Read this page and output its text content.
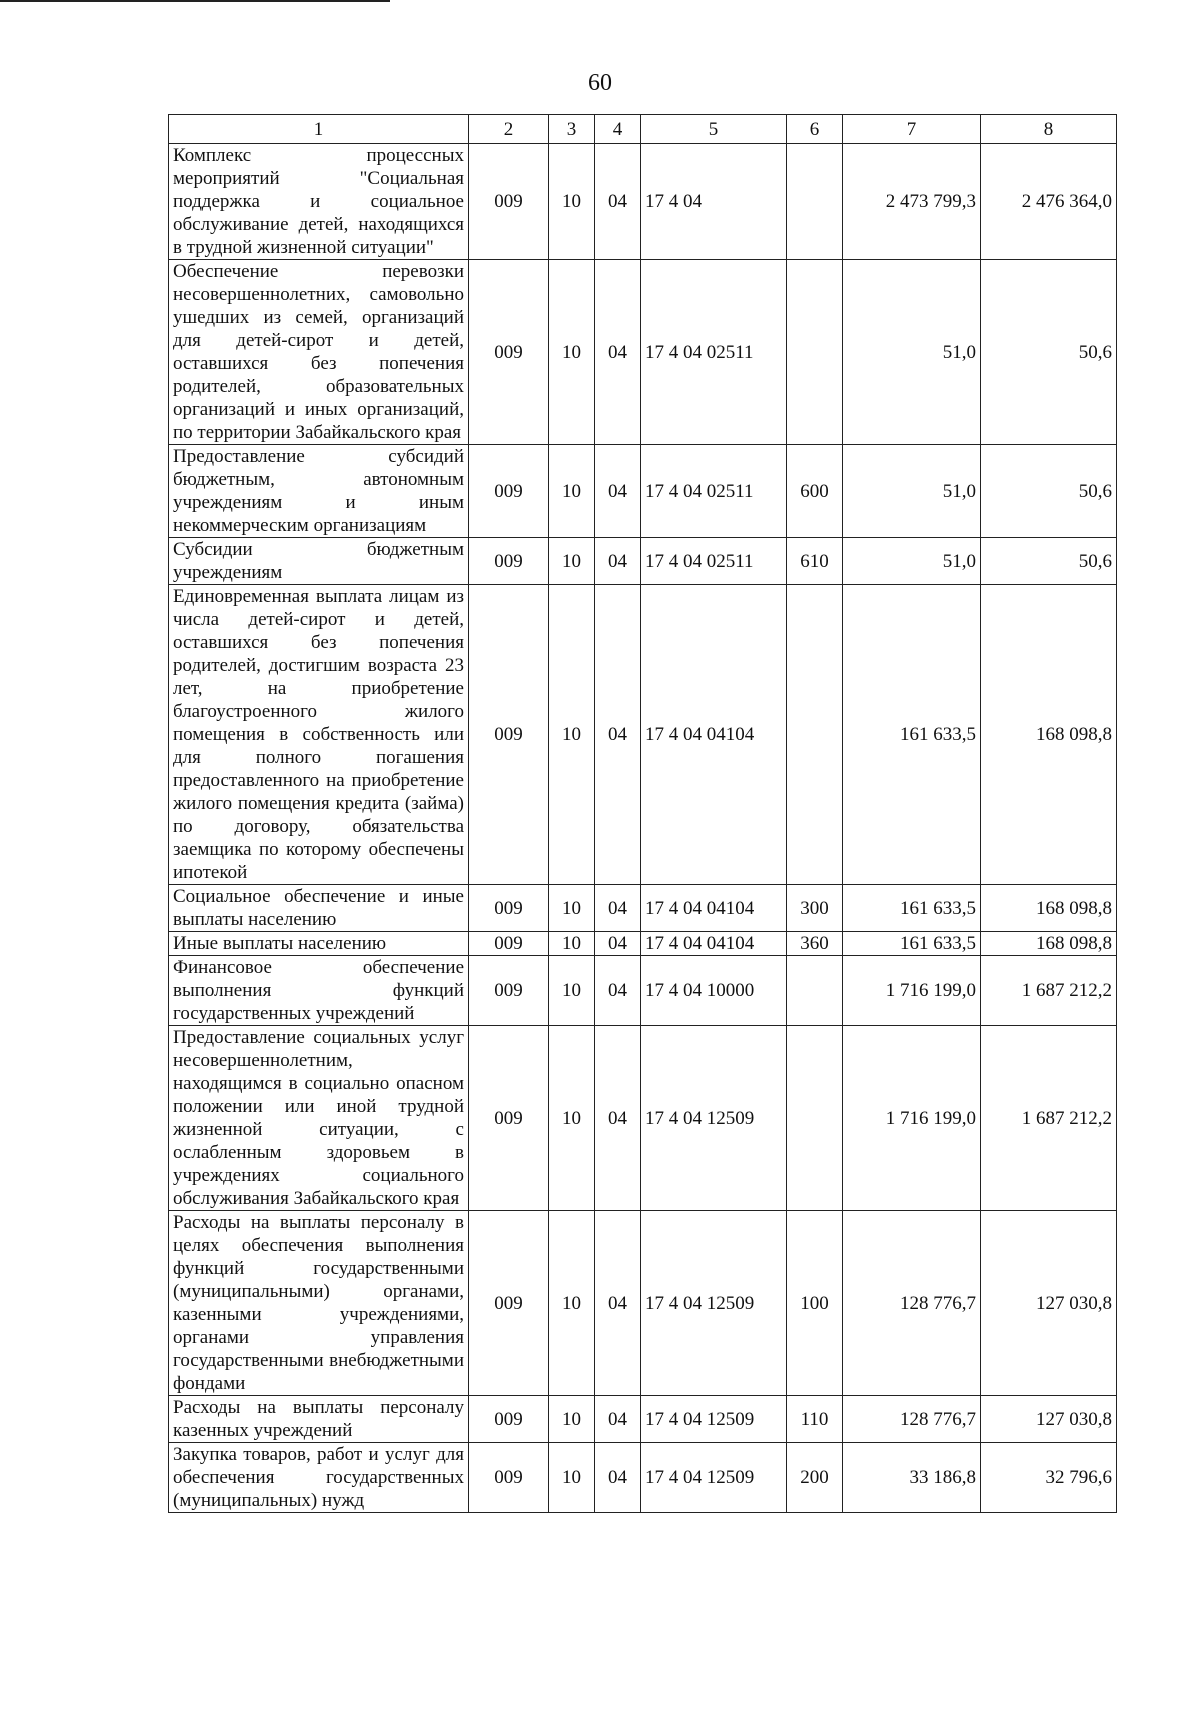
60
1	2	3	4	5	6	7	8
Комплекс процессных мероприятий "Социальная поддержка и социальное обслуживание детей, находящихся в трудной жизненной ситуации"	009	10	04	17 4 04		2 473 799,3	2 476 364,0
Обеспечение перевозки несовершеннолетних, самовольно ушедших из семей, организаций для детей-сирот и детей, оставшихся без попечения родителей, образовательных организаций и иных организаций, по территории Забайкальского края	009	10	04	17 4 04 02511		51,0	50,6
Предоставление субсидий бюджетным, автономным учреждениям и иным некоммерческим организациям	009	10	04	17 4 04 02511	600	51,0	50,6
Субсидии бюджетным учреждениям	009	10	04	17 4 04 02511	610	51,0	50,6
Единовременная выплата лицам из числа детей-сирот и детей, оставшихся без попечения родителей, достигшим возраста 23 лет, на приобретение благоустроенного жилого помещения в собственность или для полного погашения предоставленного на приобретение жилого помещения кредита (займа) по договору, обязательства заемщика по которому обеспечены ипотекой	009	10	04	17 4 04 04104		161 633,5	168 098,8
Социальное обеспечение и иные выплаты населению	009	10	04	17 4 04 04104	300	161 633,5	168 098,8
Иные выплаты населению	009	10	04	17 4 04 04104	360	161 633,5	168 098,8
Финансовое обеспечение выполнения функций государственных учреждений	009	10	04	17 4 04 10000		1 716 199,0	1 687 212,2
Предоставление социальных услуг несовершеннолетним, находящимся в социально опасном положении или иной трудной жизненной ситуации, с ослабленным здоровьем в учреждениях социального обслуживания Забайкальского края	009	10	04	17 4 04 12509		1 716 199,0	1 687 212,2
Расходы на выплаты персоналу в целях обеспечения выполнения функций государственными (муниципальными) органами, казенными учреждениями, органами управления государственными внебюджетными фондами	009	10	04	17 4 04 12509	100	128 776,7	127 030,8
Расходы на выплаты персоналу казенных учреждений	009	10	04	17 4 04 12509	110	128 776,7	127 030,8
Закупка товаров, работ и услуг для обеспечения государственных (муниципальных) нужд	009	10	04	17 4 04 12509	200	33 186,8	32 796,6
